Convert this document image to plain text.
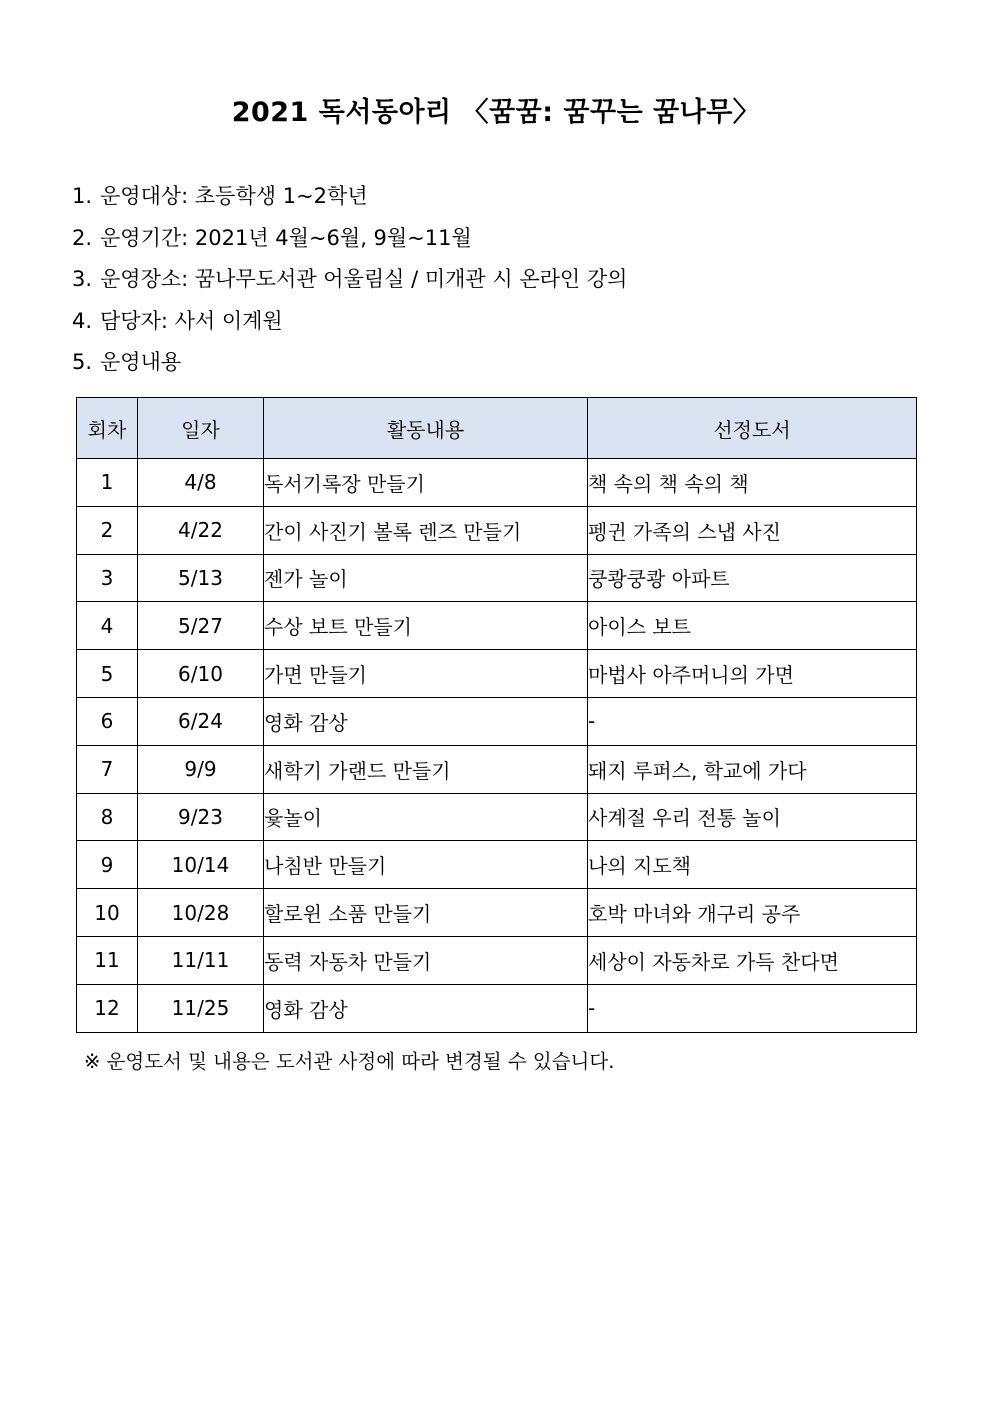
2021 독서동아리 〈꿈꿈: 꿈꾸는 꿈나무〉
1. 운영대상: 초등학생 1~2학년
2. 운영기간: 2021년 4월~6월, 9월~11월
3. 운영장소: 꿈나무도서관 어울림실 / 미개관 시 온라인 강의
4. 담당자: 사서 이계원
5. 운영내용
회차	일자	활동내용	선정도서
1	4/8	독서기록장 만들기	책 속의 책 속의 책
2	4/22	간이 사진기 볼록 렌즈 만들기	펭귄 가족의 스냅 사진
3	5/13	젠가 놀이	쿵쾅쿵쾅 아파트
4	5/27	수상 보트 만들기	아이스 보트
5	6/10	가면 만들기	마법사 아주머니의 가면
6	6/24	영화 감상	-
7	9/9	새학기 가랜드 만들기	돼지 루퍼스, 학교에 가다
8	9/23	윷놀이	사계절 우리 전통 놀이
9	10/14	나침반 만들기	나의 지도책
10	10/28	할로윈 소품 만들기	호박 마녀와 개구리 공주
11	11/11	동력 자동차 만들기	세상이 자동차로 가득 찬다면
12	11/25	영화 감상	-
※ 운영도서 및 내용은 도서관 사정에 따라 변경될 수 있습니다.
